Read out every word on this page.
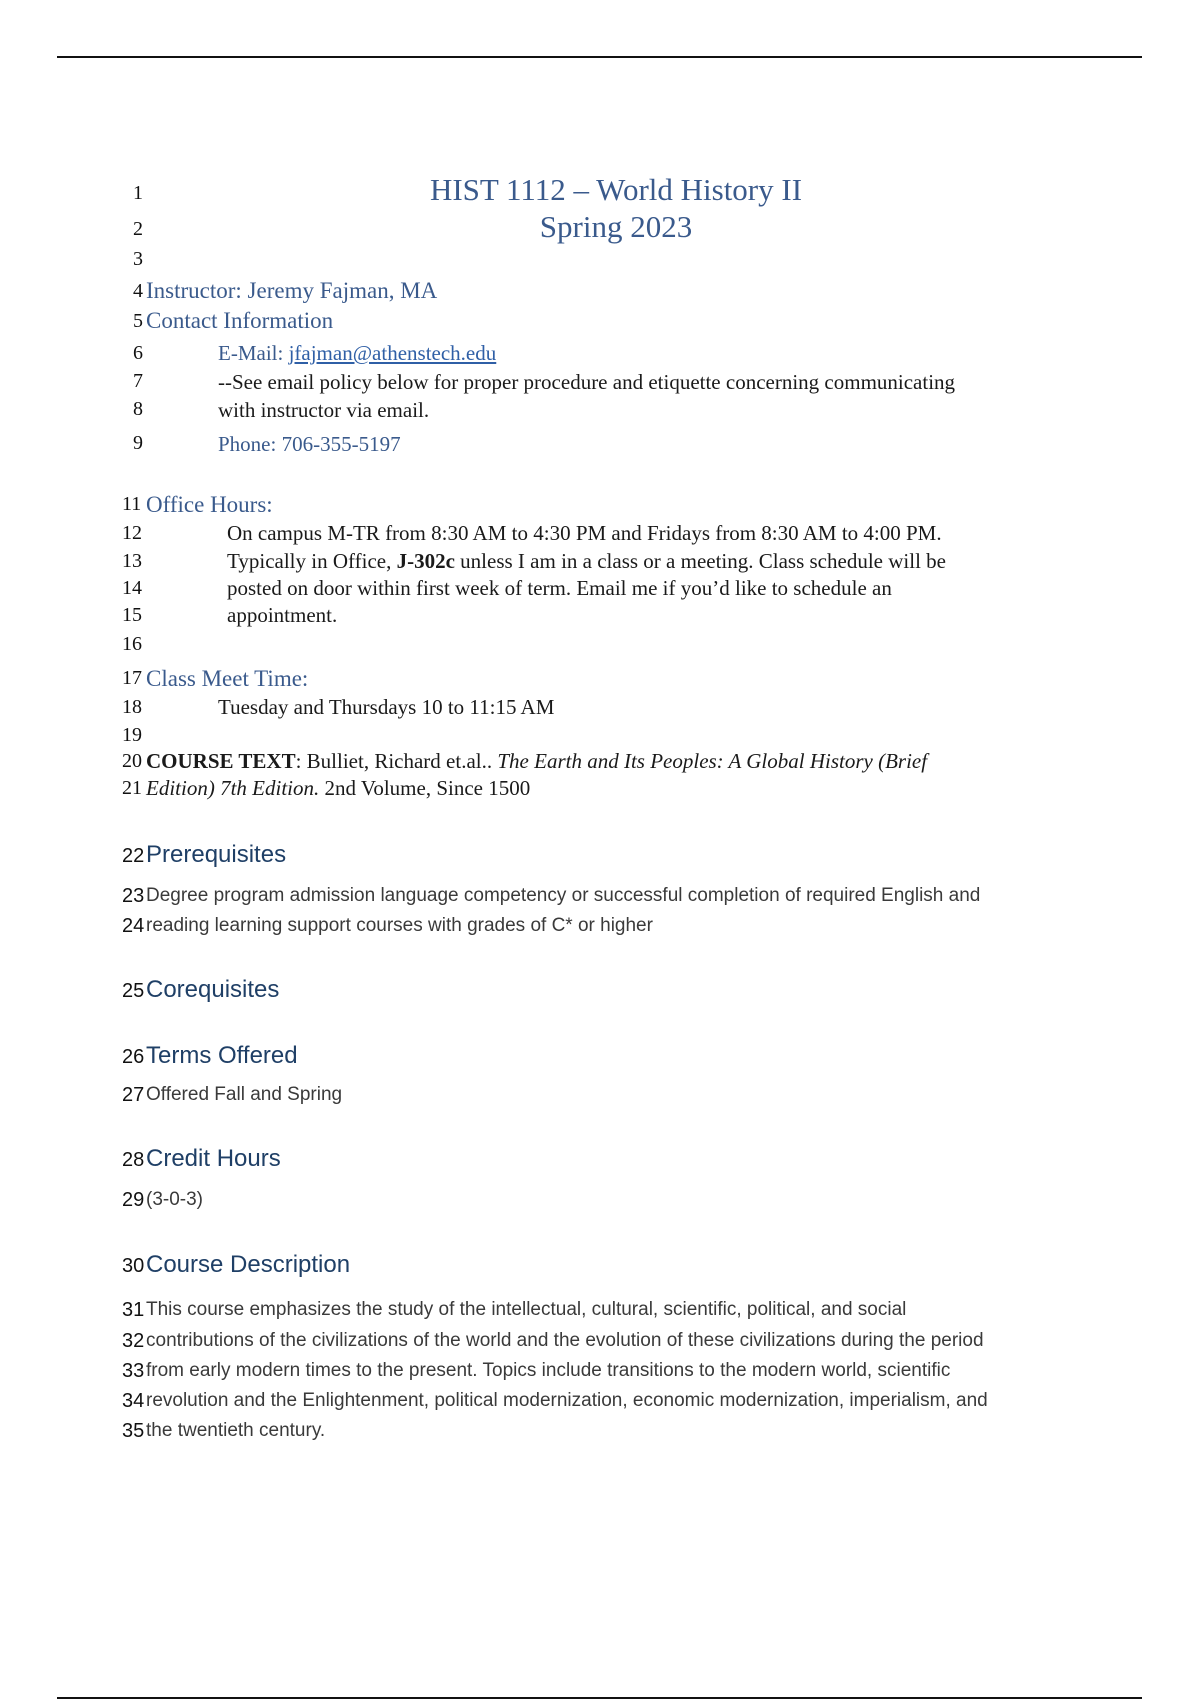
1
2
3
4
5
6
7
8
9
11
12
13
14
15
16
17
18
19
20
21
22
23
24
25
26
27
28
29
30
31
32
33
34
35
HIST 1112 – World History II
Spring 2023
Instructor: Jeremy Fajman, MA
Contact Information
E-Mail: jfajman@athenstech.edu
--See email policy below for proper procedure and etiquette concerning communicating
with instructor via email.
Phone: 706-355-5197
Office Hours:
On campus M-TR from 8:30 AM to 4:30 PM and Fridays from 8:30 AM to 4:00 PM.
Typically in Office, J-302c unless I am in a class or a meeting. Class schedule will be
posted on door within first week of term. Email me if you’d like to schedule an
appointment.
Class Meet Time:
Tuesday and Thursdays 10 to 11:15 AM
COURSE TEXT: Bulliet, Richard et.al.. The Earth and Its Peoples: A Global History (Brief
Edition) 7th Edition. 2nd Volume, Since 1500
Prerequisites
Degree program admission language competency or successful completion of required English and
reading learning support courses with grades of C* or higher
Corequisites
Terms Offered
Offered Fall and Spring
Credit Hours
(3-0-3)
Course Description
This course emphasizes the study of the intellectual, cultural, scientific, political, and social
contributions of the civilizations of the world and the evolution of these civilizations during the period
from early modern times to the present. Topics include transitions to the modern world, scientific
revolution and the Enlightenment, political modernization, economic modernization, imperialism, and
the twentieth century.
